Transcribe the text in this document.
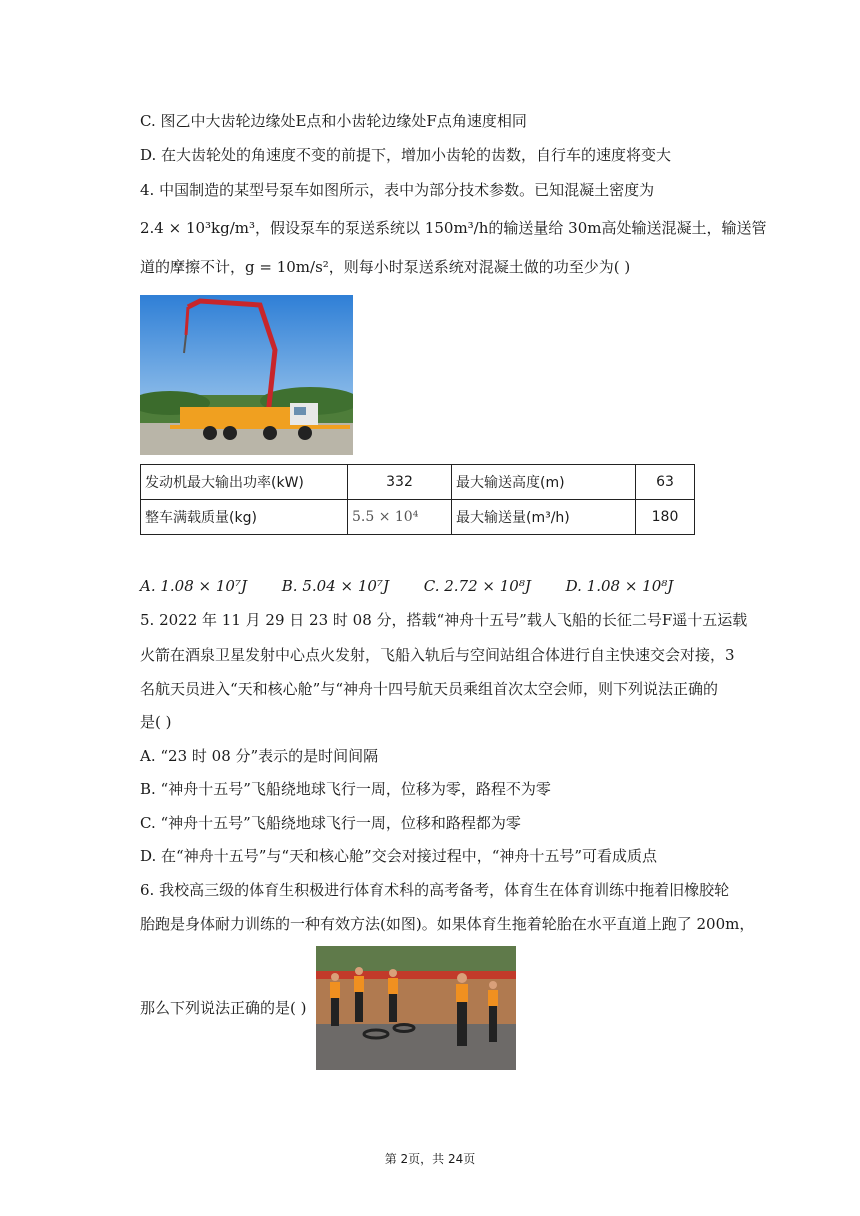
C. 图乙中大齿轮边缘处E点和小齿轮边缘处F点角速度相同
D. 在大齿轮处的角速度不变的前提下，增加小齿轮的齿数，自行车的速度将变大
4. 中国制造的某型号泵车如图所示，表中为部分技术参数。已知混凝土密度为
2.4 × 10³kg/m³，假设泵车的泵送系统以 150m³/h的输送量给 30m高处输送混凝土，输送管
道的摩擦不计，g = 10m/s²，则每小时泵送系统对混凝土做的功至少为( )
发动机最大输出功率(kW)	332	最大输送高度(m)	63
整车满载质量(kg)	5.5 × 10⁴	最大输送量(m³/h)	180
A. 1.08 × 10⁷J B. 5.04 × 10⁷J C. 2.72 × 10⁸J D. 1.08 × 10⁸J
5. 2022 年 11 月 29 日 23 时 08 分，搭载“神舟十五号”载人飞船的长征二号F遥十五运载
火箭在酒泉卫星发射中心点火发射，飞船入轨后与空间站组合体进行自主快速交会对接，3
名航天员进入“天和核心舱”与“神舟十四号航天员乘组首次太空会师，则下列说法正确的
是( )
A. “23 时 08 分”表示的是时间间隔
B. “神舟十五号”飞船绕地球飞行一周，位移为零，路程不为零
C. “神舟十五号”飞船绕地球飞行一周，位移和路程都为零
D. 在“神舟十五号”与“天和核心舱”交会对接过程中，“神舟十五号”可看成质点
6. 我校高三级的体育生积极进行体育术科的高考备考，体育生在体育训练中拖着旧橡胶轮
胎跑是身体耐力训练的一种有效方法(如图)。如果体育生拖着轮胎在水平直道上跑了 200m，
那么下列说法正确的是( )
第 2页，共 24页
